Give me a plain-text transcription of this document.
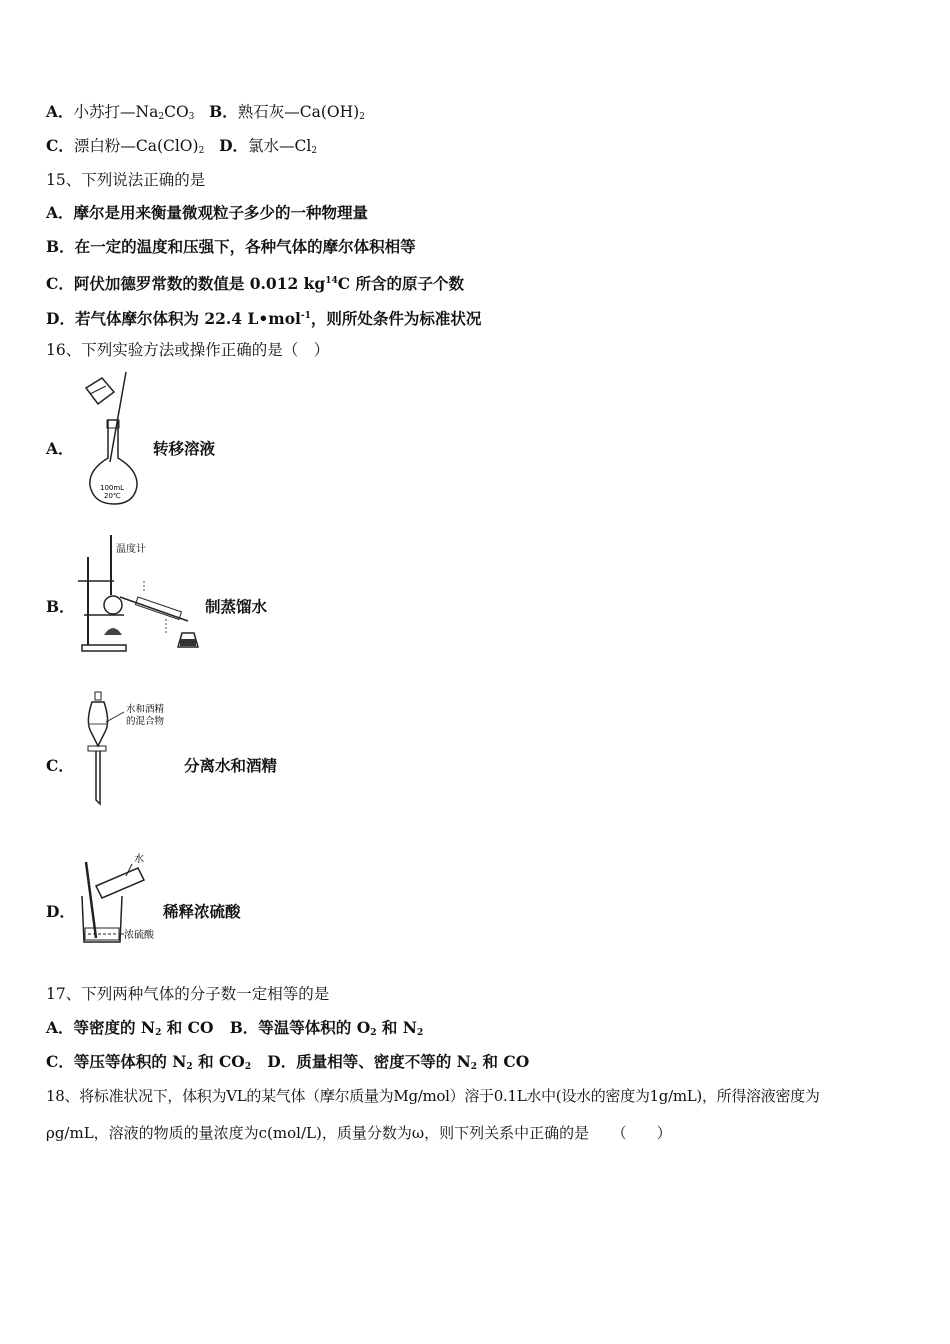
A．小苏打$—Na_2CO_3$ B．熟石灰$—Ca(OH)_2$
C．漂白粉$—Ca(ClO)_2$ D．氯水$—Cl_2$
15、下列说法正确的是
A．摩尔是用来衡量微观粒子多少的一种物理量
B．在一定的温度和压强下，各种气体的摩尔体积相等
C．阿伏加德罗常数的数值是 0.012 $kg^{14}C$ 所含的原子个数
D．若气体摩尔体积为 22.4 L•mol$^{-1}$，则所处条件为标准状况
16、下列实验方法或操作正确的是（　）
A．
100mL
20℃
转移溶液
B．
温度计
制蒸馏水
C．
水和酒精
的混合物
分离水和酒精
D．
水
浓硫酸
稀释浓硫酸
17、下列两种气体的分子数一定相等的是
A．等密度的 $N_2$ 和 CO B．等温等体积的 $O_2$ 和 $N_2$
C．等压等体积的 $N_2$ 和 $CO_2$ D．质量相等、密度不等的 $N_2$ 和 CO
18、将标准状况下，体积为VL的某气体（摩尔质量为Mg/mol）溶于0.1L水中(设水的密度为1g/mL)，所得溶液密度为
ρg/mL，溶液的物质的量浓度为c(mol/L)，质量分数为ω，则下列关系中正确的是　　（　　）
